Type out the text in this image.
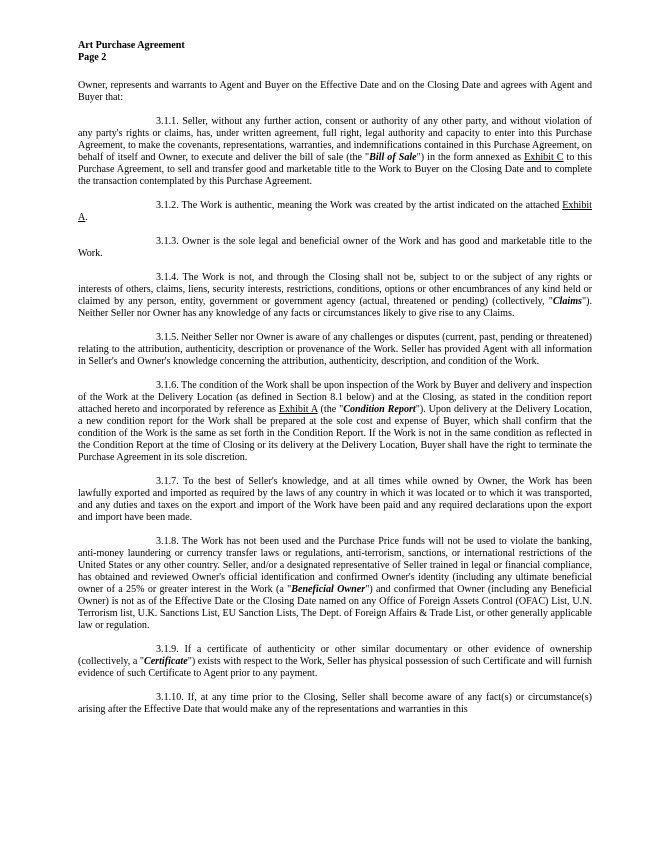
Art Purchase Agreement
Page 2

Owner, represents and warrants to Agent and Buyer on the Effective Date and on the Closing Date and agrees with Agent and Buyer that:

3.1.1. Seller, without any further action, consent or authority of any other party, and without violation of any party's rights or claims, has, under written agreement, full right, legal authority and capacity to enter into this Purchase Agreement, to make the covenants, representations, warranties, and indemnifications contained in this Purchase Agreement, on behalf of itself and Owner, to execute and deliver the bill of sale (the "Bill of Sale") in the form annexed as Exhibit C to this Purchase Agreement, to sell and transfer good and marketable title to the Work to Buyer on the Closing Date and to complete the transaction contemplated by this Purchase Agreement.

3.1.2. The Work is authentic, meaning the Work was created by the artist indicated on the attached Exhibit A.

3.1.3. Owner is the sole legal and beneficial owner of the Work and has good and marketable title to the Work.

3.1.4. The Work is not, and through the Closing shall not be, subject to or the subject of any rights or interests of others, claims, liens, security interests, restrictions, conditions, options or other encumbrances of any kind held or claimed by any person, entity, government or government agency (actual, threatened or pending) (collectively, "Claims"). Neither Seller nor Owner has any knowledge of any facts or circumstances likely to give rise to any Claims.

3.1.5. Neither Seller nor Owner is aware of any challenges or disputes (current, past, pending or threatened) relating to the attribution, authenticity, description or provenance of the Work. Seller has provided Agent with all information in Seller's and Owner's knowledge concerning the attribution, authenticity, description, and condition of the Work.

3.1.6. The condition of the Work shall be upon inspection of the Work by Buyer and delivery and inspection of the Work at the Delivery Location (as defined in Section 8.1 below) and at the Closing, as stated in the condition report attached hereto and incorporated by reference as Exhibit A (the "Condition Report"). Upon delivery at the Delivery Location, a new condition report for the Work shall be prepared at the sole cost and expense of Buyer, which shall confirm that the condition of the Work is the same as set forth in the Condition Report. If the Work is not in the same condition as reflected in the Condition Report at the time of Closing or its delivery at the Delivery Location, Buyer shall have the right to terminate the Purchase Agreement in its sole discretion.

3.1.7. To the best of Seller's knowledge, and at all times while owned by Owner, the Work has been lawfully exported and imported as required by the laws of any country in which it was located or to which it was transported, and any duties and taxes on the export and import of the Work have been paid and any required declarations upon the export and import have been made.

3.1.8. The Work has not been used and the Purchase Price funds will not be used to violate the banking, anti-money laundering or currency transfer laws or regulations, anti-terrorism, sanctions, or international restrictions of the United States or any other country. Seller, and/or a designated representative of Seller trained in legal or financial compliance, has obtained and reviewed Owner's official identification and confirmed Owner's identity (including any ultimate beneficial owner of a 25% or greater interest in the Work (a "Beneficial Owner") and confirmed that Owner (including any Beneficial Owner) is not as of the Effective Date or the Closing Date named on any Office of Foreign Assets Control (OFAC) List, U.N. Terrorism list, U.K. Sanctions List, EU Sanction Lists, The Dept. of Foreign Affairs & Trade List, or other generally applicable law or regulation.

3.1.9. If a certificate of authenticity or other similar documentary or other evidence of ownership (collectively, a "Certificate") exists with respect to the Work, Seller has physical possession of such Certificate and will furnish evidence of such Certificate to Agent prior to any payment.

3.1.10. If, at any time prior to the Closing, Seller shall become aware of any fact(s) or circumstance(s) arising after the Effective Date that would make any of the representations and warranties in this
